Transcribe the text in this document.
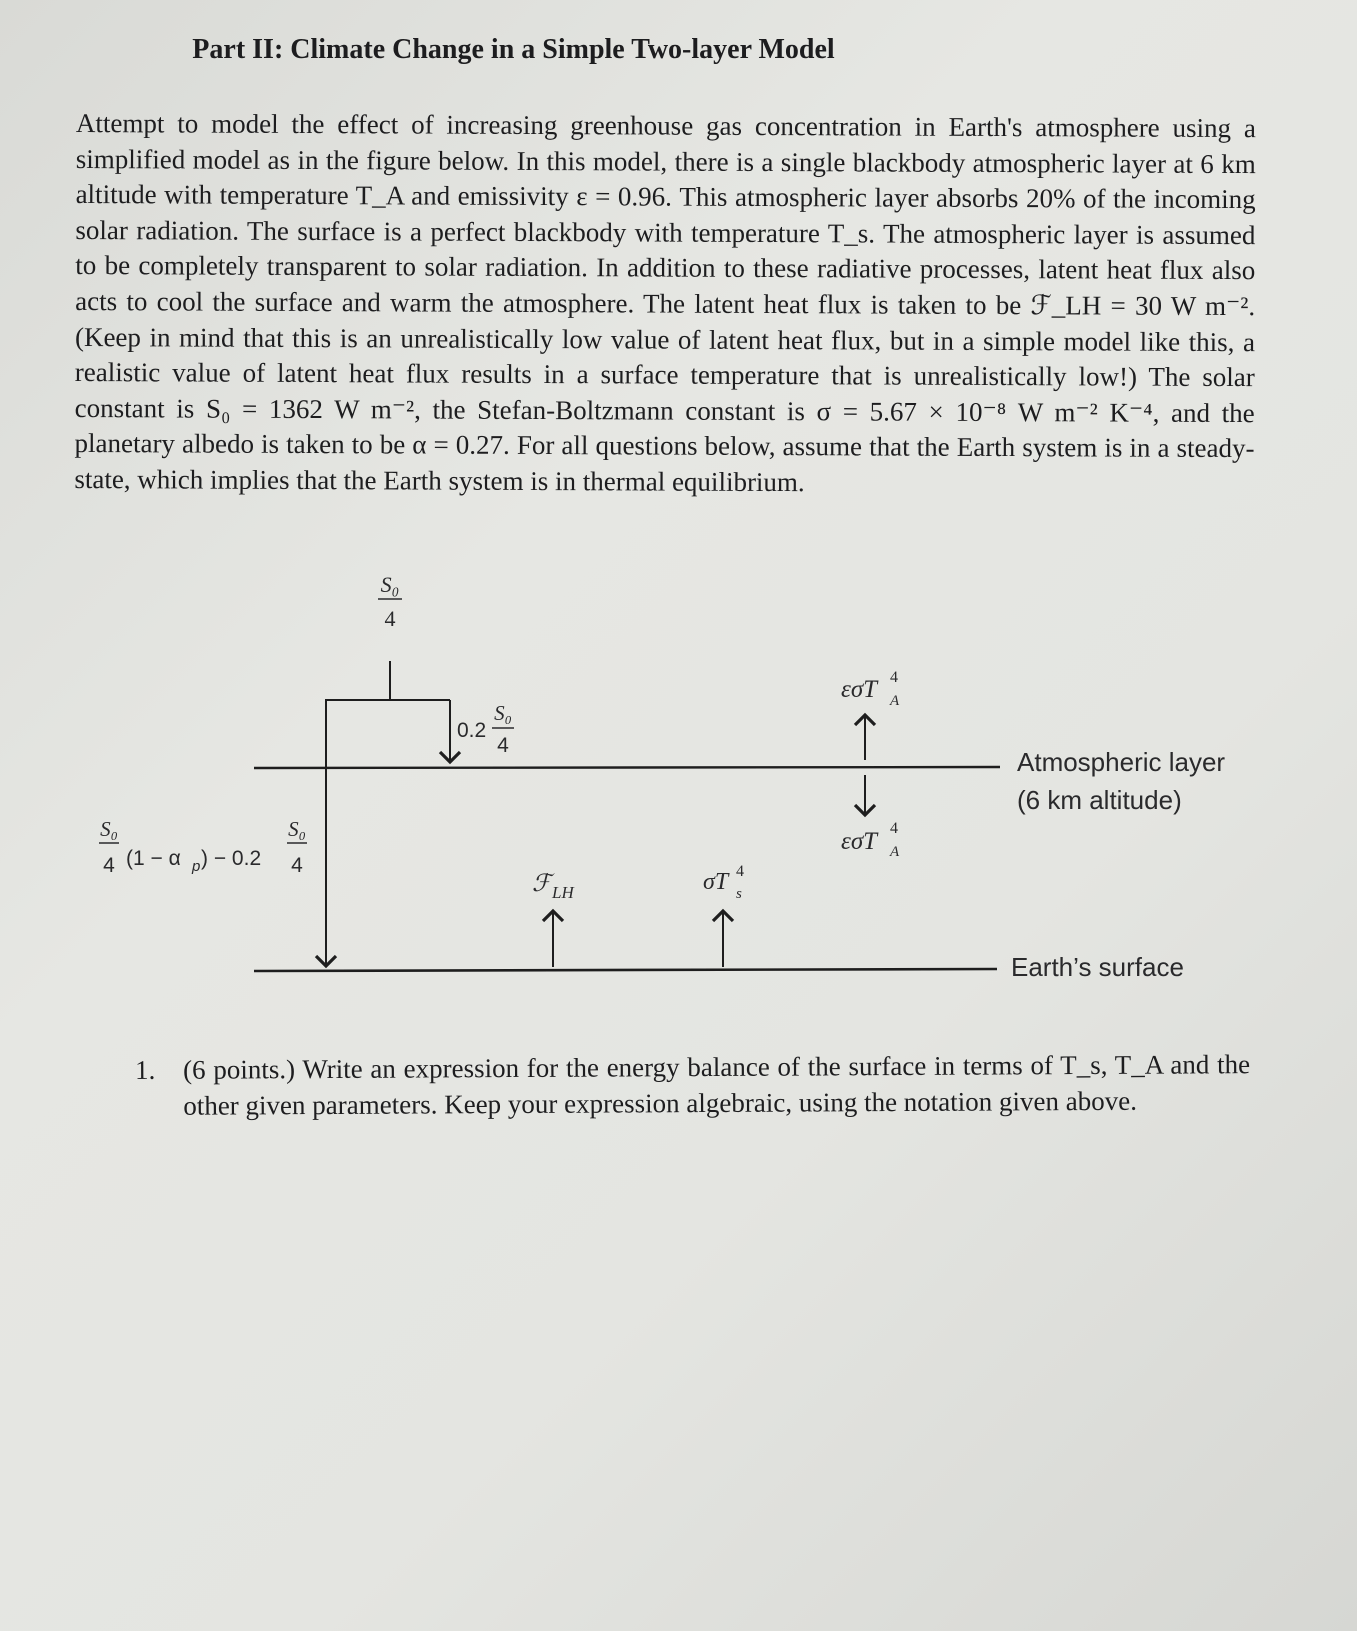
Part II: Climate Change in a Simple Two-layer Model

Attempt to model the effect of increasing greenhouse gas concentration in Earth's atmosphere using a simplified model as in the figure below. In this model, there is a single blackbody atmospheric layer at 6 km altitude with temperature T_A and emissivity ε = 0.96. This atmospheric layer absorbs 20% of the incoming solar radiation. The surface is a perfect blackbody with temperature T_s. The atmospheric layer is assumed to be completely transparent to solar radiation. In addition to these radiative processes, latent heat flux also acts to cool the surface and warm the atmosphere. The latent heat flux is taken to be ℱ_LH = 30 W m⁻². (Keep in mind that this is an unrealistically low value of latent heat flux, but in a simple model like this, a realistic value of latent heat flux results in a surface temperature that is unrealistically low!) The solar constant is S₀ = 1362 W m⁻², the Stefan-Boltzmann constant is σ = 5.67 × 10⁻⁸ W m⁻² K⁻⁴, and the planetary albedo is taken to be α = 0.27. For all questions below, assume that the Earth system is in a steady-state, which implies that the Earth system is in thermal equilibrium.

S₀
4
0.2
S₀
4
S₀
4 (1 − α p ) − 0.2
S₀
4
ℱ LH	σT 4
s
εσT 4
A
εσT 4
A
Atmospheric layer
(6 km altitude)
Earth’s surface
1. (6 points.) Write an expression for the energy balance of the surface in terms of T_s, T_A and the other given parameters. Keep your expression algebraic, using the notation given above.
